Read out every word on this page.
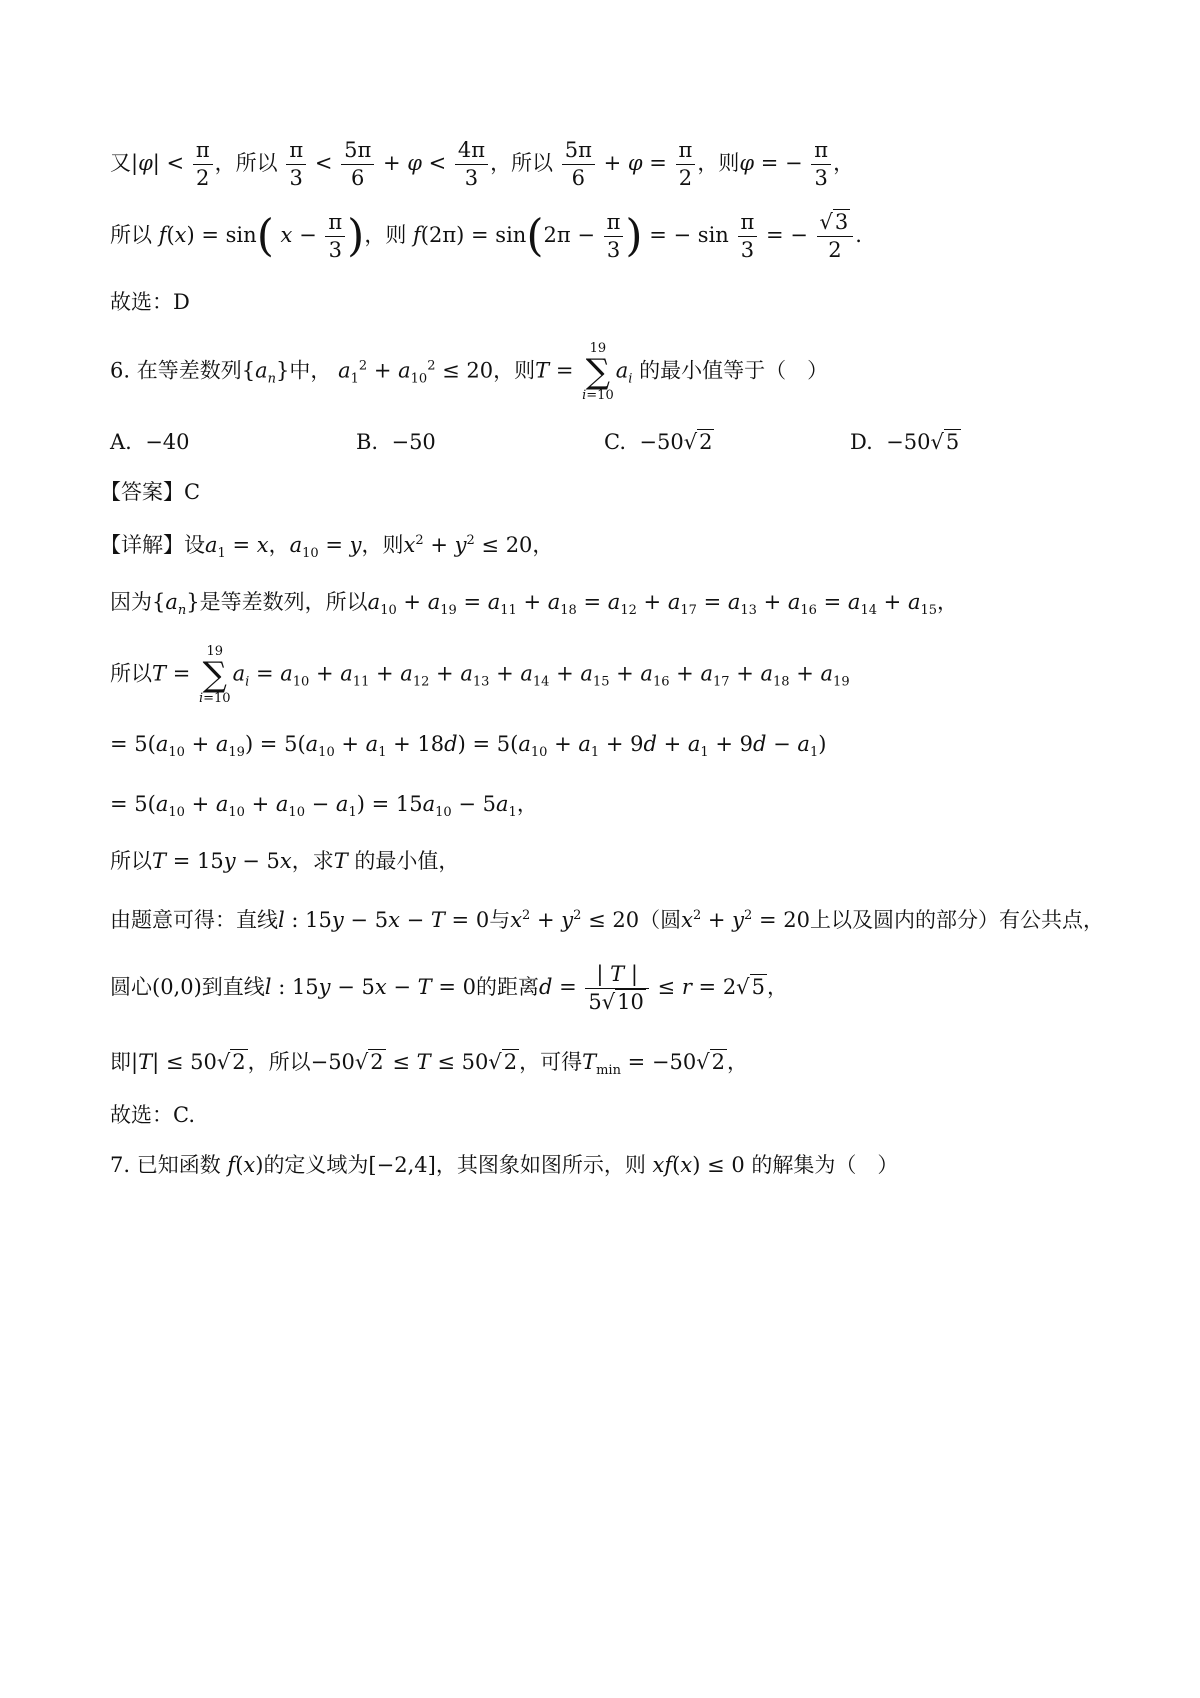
又$|\varphi| < \frac{\pi}{2}$ ，所以 $\frac{\pi}{3} < \frac{5\pi}{6} + \varphi < \frac{4\pi}{3}$ ，所以 $\frac{5\pi}{6} + \varphi = \frac{\pi}{2}$ ，则φ = − $\frac{\pi}{3}$ ，
所以 f(x) = sin( $x - \frac{\pi}{3}$ )，则 $f(2\pi) = \sin(2\pi - \frac{\pi}{3}$ ) = − $\sin \frac{\pi}{3}$ = − $\frac{√3}{2}$ .
故选：D
6. 在等差数列$\{a_n\}$中， $a_1^2 + a_{10}^2 \le 20$，则T =
19
∑
i=10
$a_i$ 的最小值等于（　）
A. −40	B. −50	C. −50√2	D. −50√5
【答案】C
【详解】设$a_1 = x$，$a_{10} = y$，则$x^2 + y^2 \le 20$，
因为$\{a_n\}$是等差数列，所以$a_{10} + a_{19} = a_{11} + a_{18} = a_{12} + a_{17} = a_{13} + a_{16} = a_{14} + a_{15}$，
所以T =
19
∑
i=10
$a_i = a_{10} + a_{11} + a_{12} + a_{13} + a_{14} + a_{15} + a_{16} + a_{17} + a_{18} + a_{19}$
= $5(a_{10} + a_{19}) = 5(a_{10} + a_1 + 18d) = 5(a_{10} + a_1 + 9d + a_1 + 9d - a_1)$
= $5(a_{10} + a_{10} + a_{10} - a_1) = 15a_{10} - 5a_1$，
所以T = 15y − 5x，求T 的最小值，
由题意可得：直线l : 15y − 5x − T = 0与$x^2 + y^2 \le 20$（圆$x^2 + y^2 = 20$上以及圆内的部分）有公共点，
圆心(0,0)到直线l : 15y − 5x − T = 0的距离$d = \frac{| T |}{5√10} \le r = 2√5$，
即|T| ≤ 50√2，所以−50√2 ≤ T ≤ 50√2，可得$T_{min} = -50√2$，
故选：C.
7. 已知函数 f(x)的定义域为[−2,4]，其图象如图所示，则 xf(x) ≤ 0 的解集为（　）
